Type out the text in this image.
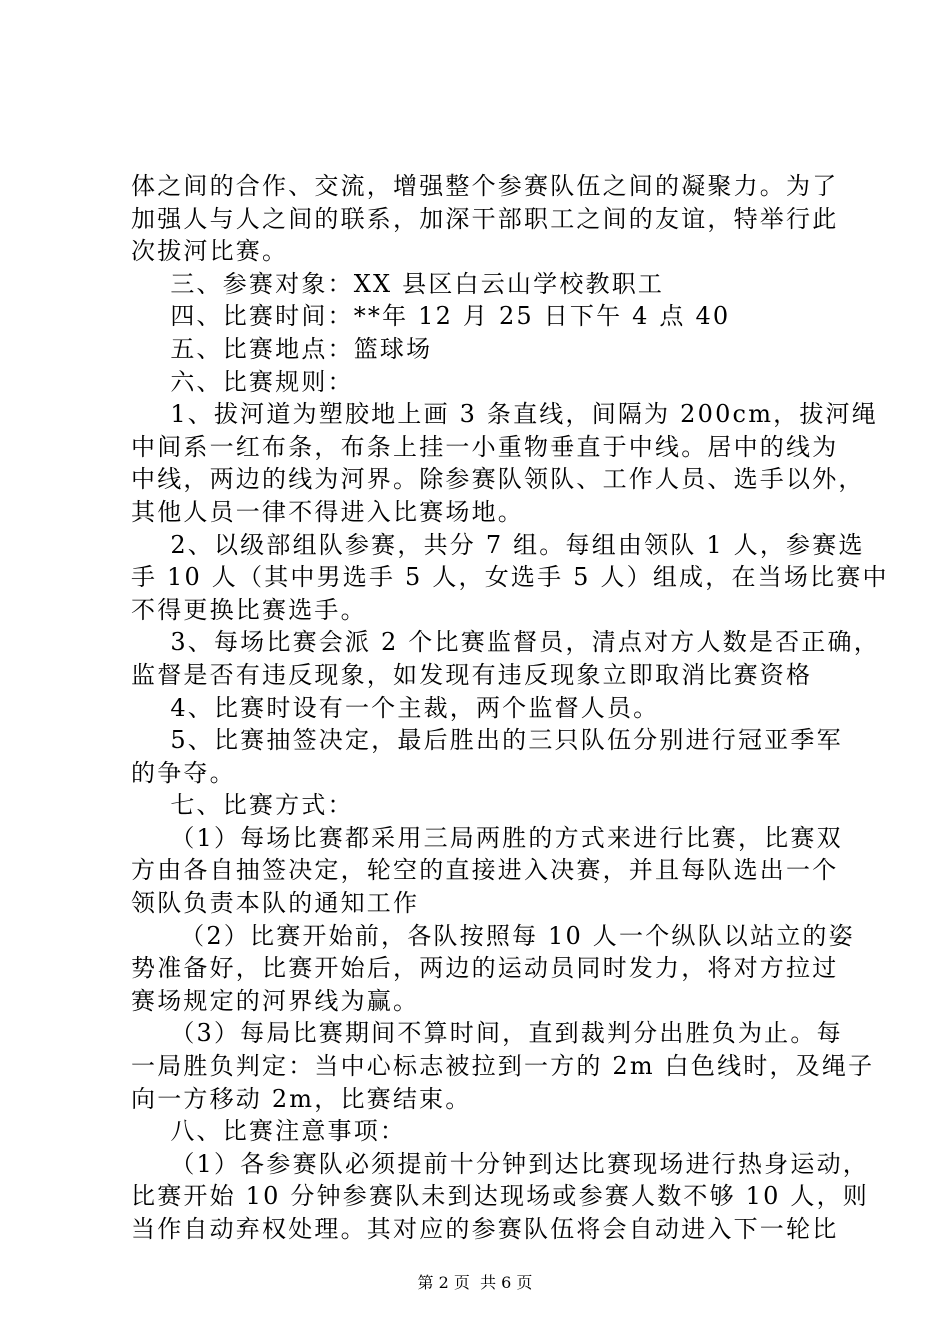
体之间的合作、交流，增强整个参赛队伍之间的凝聚力。为了
加强人与人之间的联系，加深干部职工之间的友谊，特举行此
次拔河比赛。
三、参赛对象：XX 县区白云山学校教职工
四、比赛时间：**年 12 月 25 日下午 4 点 40
五、比赛地点：篮球场
六、比赛规则：
1、拔河道为塑胶地上画 3 条直线，间隔为 200cm，拔河绳
中间系一红布条，布条上挂一小重物垂直于中线。居中的线为
中线，两边的线为河界。除参赛队领队、工作人员、选手以外，
其他人员一律不得进入比赛场地。
2、以级部组队参赛，共分 7 组。每组由领队 1 人，参赛选
手 10 人（其中男选手 5 人，女选手 5 人）组成，在当场比赛中
不得更换比赛选手。
3、每场比赛会派 2 个比赛监督员，清点对方人数是否正确，
监督是否有违反现象，如发现有违反现象立即取消比赛资格
4、比赛时设有一个主裁，两个监督人员。
5、比赛抽签决定，最后胜出的三只队伍分别进行冠亚季军
的争夺。
七、比赛方式：
（1）每场比赛都采用三局两胜的方式来进行比赛，比赛双
方由各自抽签决定，轮空的直接进入决赛，并且每队选出一个
领队负责本队的通知工作
（2）比赛开始前，各队按照每 10 人一个纵队以站立的姿
势准备好，比赛开始后，两边的运动员同时发力，将对方拉过
赛场规定的河界线为赢。
（3）每局比赛期间不算时间，直到裁判分出胜负为止。每
一局胜负判定：当中心标志被拉到一方的 2m 白色线时，及绳子
向一方移动 2m，比赛结束。
八、比赛注意事项：
（1）各参赛队必须提前十分钟到达比赛现场进行热身运动，
比赛开始 10 分钟参赛队未到达现场或参赛人数不够 10 人，则
当作自动弃权处理。其对应的参赛队伍将会自动进入下一轮比
第 2 页  共 6 页
